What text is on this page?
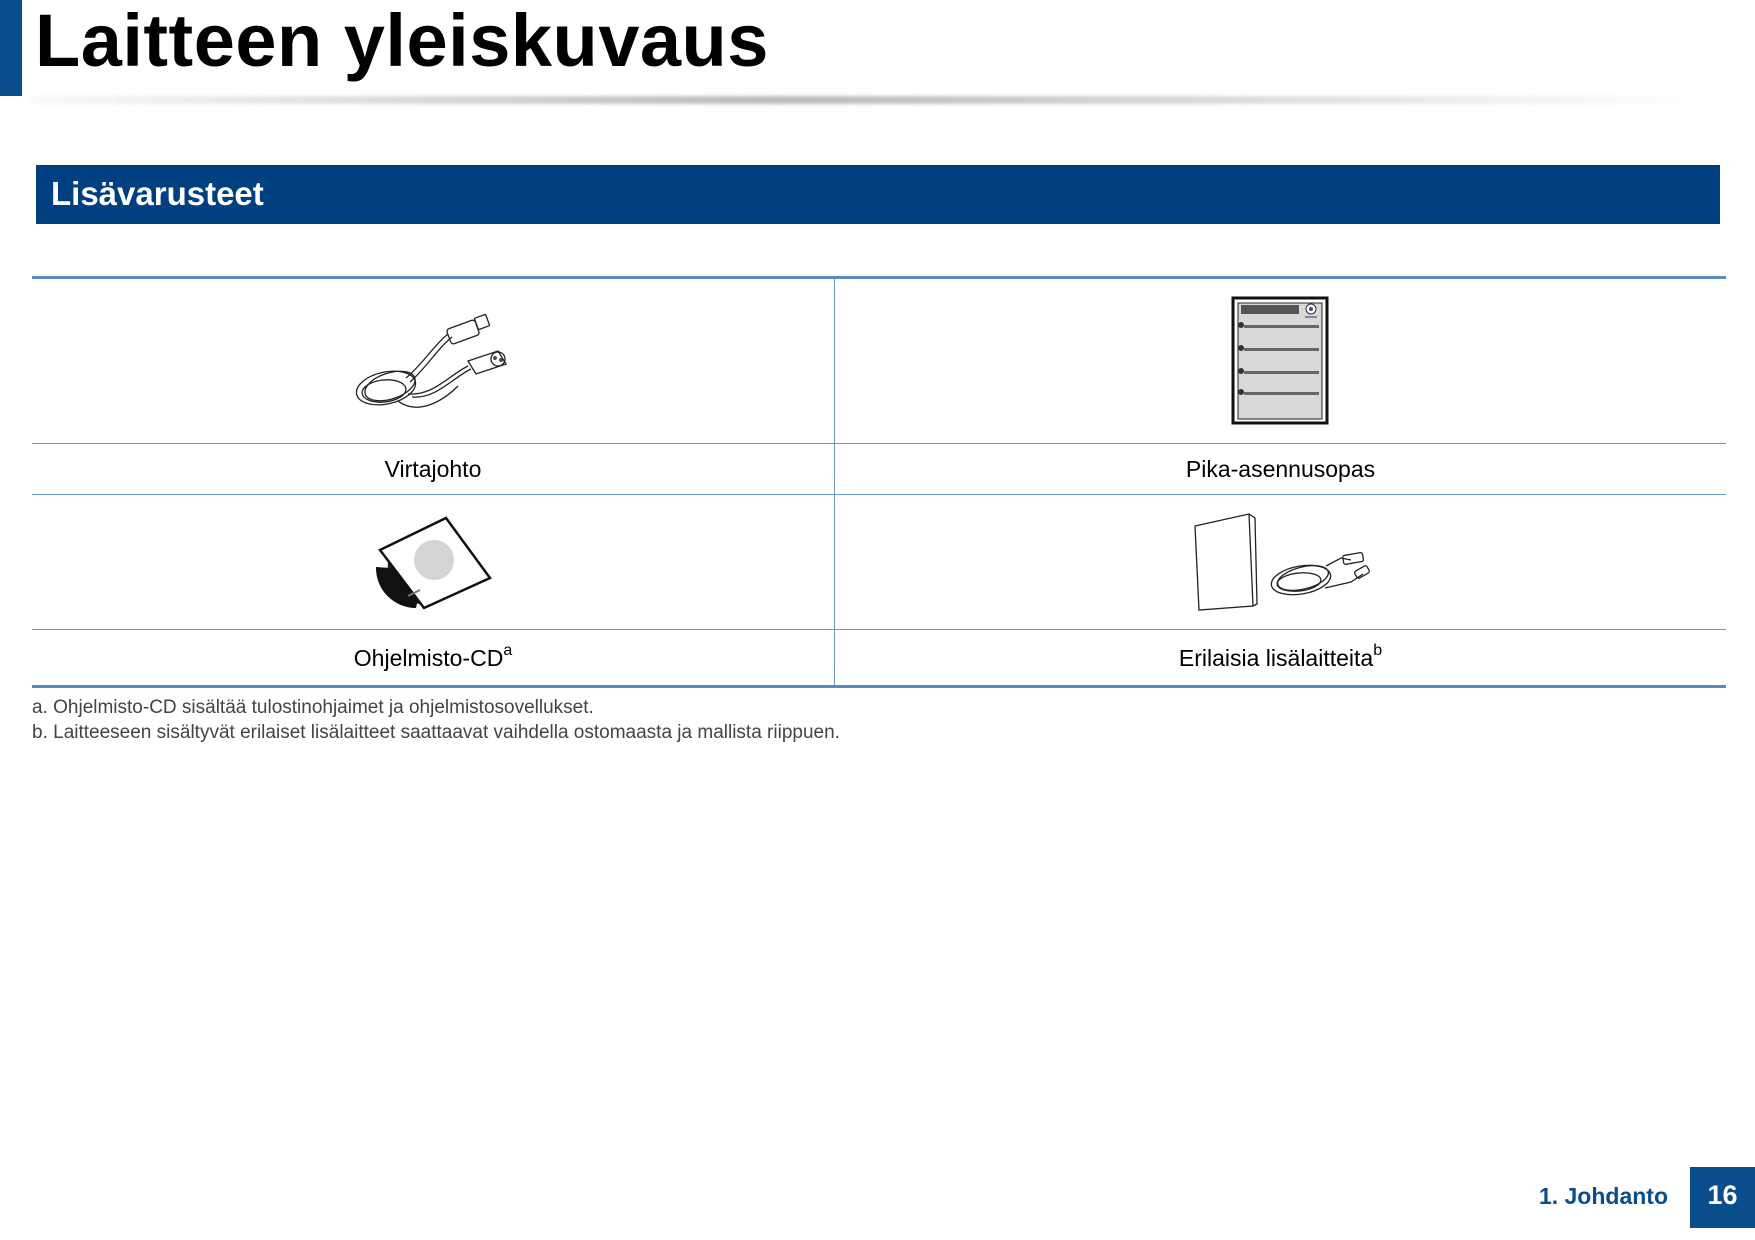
Laitteen yleiskuvaus
Lisävarusteet

Virtajohto	Pika-asennusopas

Ohjelmisto-$CD^a$	Erilaisia lisälaitteita$^b$

a. Ohjelmisto-CD sisältää tulostinohjaimet ja ohjelmistosovellukset.

b. Laitteeseen sisältyvät erilaiset lisälaitteet saattaavat vaihdella ostomaasta ja mallista riippuen.

1. Johdanto	16
